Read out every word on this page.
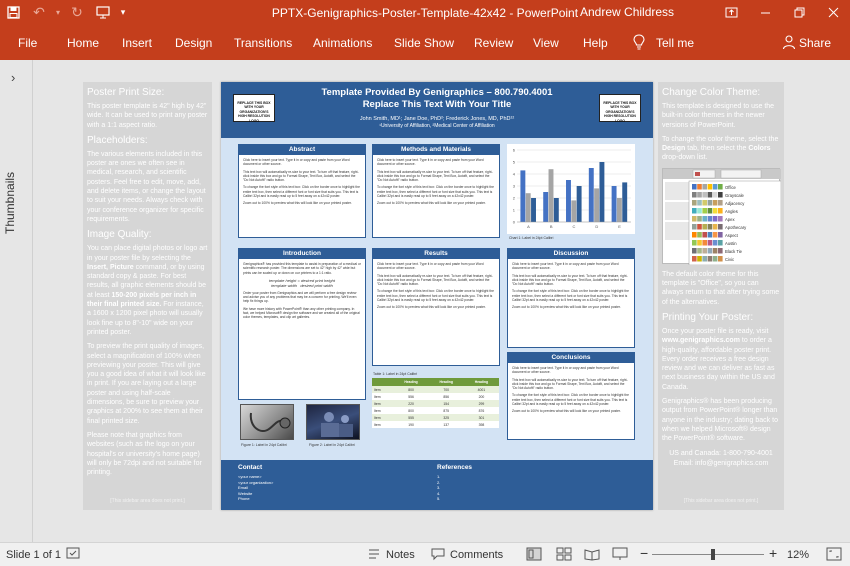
↶	▾ ↻	▾	PPTX-Genigraphics-Poster-Template-42x42 - PowerPoint Andrew Childress
File Home Insert Design Transitions Animations Slide Show Review View Help	Tell me	Share
›
Thumbnails
Poster Print Size:

This poster template is 42" high by 42" wide. It can be used to print any poster with a 1:1 aspect ratio.

Placeholders:

The various elements included in this poster are ones we often see in medical, research, and scientific posters. Feel free to edit, move, add, and delete items, or change the layout to suit your needs. Always check with your conference organizer for specific requirements.

Image Quality:

You can place digital photos or logo art in your poster file by selecting the Insert, Picture command, or by using standard copy & paste. For best results, all graphic elements should be at least 150-200 pixels per inch in their final printed size. For instance, a 1600 x 1200 pixel photo will usually look fine up to 8"-10" wide on your printed poster.

To preview the print quality of images, select a magnification of 100% when previewing your poster. This will give you a good idea of what it will look like in print. If you are laying out a large poster and using half-scale dimensions, be sure to preview your graphics at 200% to see them at their final printed size.

Please note that graphics from websites (such as the logo on your hospital's or university's home page) will only be 72dpi and not suitable for printing.

[This sidebar area does not print.]
Change Color Theme:

This template is designed to use the built-in color themes in the newer versions of PowerPoint.

To change the color theme, select the Design tab, then select the Colors drop-down list.

Office
Grayscale
Adjacency
Angles
Apex
Apothecary
Aspect
Austin
Black Tie
Civic

The default color theme for this template is "Office", so you can always return to that after trying some of the alternatives.

Printing Your Poster:

Once your poster file is ready, visit www.genigraphics.com to order a high-quality, affordable poster print. Every order receives a free design review and we can deliver as fast as next business day within the US and Canada.

Genigraphics® has been producing output from PowerPoint® longer than anyone in the industry; dating back to when we helped Microsoft® design the PowerPoint® software.

US and Canada: 1-800-790-4001

Email: info@genigraphics.com

[This sidebar area does not print.]
Template Provided By Genigraphics – 800.790.4001
Replace This Text With Your Title
John Smith, MD¹; Jane Doe, PhD²; Frederick Jones, MD, PhD¹²
¹University of Affiliation, ²Medical Center of Affiliation
REPLACE THIS BOX WITH YOUR ORGANIZATION'S HIGH RESOLUTION LOGO
REPLACE THIS BOX WITH YOUR ORGANIZATION'S HIGH RESOLUTION LOGO
Abstract

Click here to insert your text. Type it in or copy and paste from your Word document or other source.

This text box will automatically re-size to your text. To turn off that feature, right-click inside this box and go to Format Shape, Text Box, Autofit, and select the "Do Not Autofit" radio button.

To change the font style of this text box: Click on the border once to highlight the entire text box, then select a different font or font size that suits you. This text is Calibri 32pt and is easily read up to 5 feet away on a 42x42 poster.

Zoom out to 100% to preview what this will look like on your printed poster.

Introduction

Genigraphics® has provided this template to assist in preparation of a medical or scientific research poster. The dimensions are set to 42" high by 42" wide but prints can be scaled up or down on our printers to a 1:1 ratio.

template height = desired print height
template width desired print width

Order your poster from Genigraphics and we will perform a free design review and advise you of any problems that may be a concern for printing. We'll even help fix things up.

We have more history with PowerPoint® than any other printing company. In fact, we helped Microsoft® design the software and we created all of the original color themes, templates, and clip art galleries.

Figure 1: Label in 24pt Calibri	Figure 2: Label in 24pt Calibri
Methods and Materials

Click here to insert your text. Type it in or copy and paste from your Word document or other source.

This text box will automatically re-size to your text. To turn off that feature, right-click inside this box and go to Format Shape, Text Box, Autofit, and select the "Do Not Autofit" radio button.

To change the font style of this text box: Click on the border once to highlight the entire text box, then select a different font or font size that suits you. This text is Calibri 32pt and is easily read up to 5 feet away on a 42x42 poster.

Zoom out to 100% to preview what this will look like on your printed poster.

Results

Click here to insert your text. Type it in or copy and paste from your Word document or other source.

This text box will automatically re-size to your text. To turn off that feature, right-click inside this box and go to Format Shape, Text Box, Autofit, and select the "Do Not Autofit" radio button.

To change the font style of this text box: Click on the border once to highlight the entire text box, then select a different font or font size that suits you. This text is Calibri 32pt and is easily read up to 5 feet away on a 42x42 poster.

Zoom out to 100% to preview what this will look like on your printed poster.

Table 1: Label in 24pt Calibri
	Heading	Heading	Heading
Item	800	700	4001
Item	556	856	200
Item	220	154	299
Item	800	875	876
Item	555	325	301
Item	190	137	398
0
1
2
3
4
5
6
A	B	C	D	E
Chart 1: Label in 24pt Calibri
Discussion

Click here to insert your text. Type it in or copy and paste from your Word document or other source.

This text box will automatically re-size to your text. To turn off that feature, right-click inside this box and go to Format Shape, Text Box, Autofit, and select the "Do Not Autofit" radio button.

To change the font style of this text box: Click on the border once to highlight the entire text box, then select a different font or font size that suits you. This text is Calibri 32pt and is easily read up to 5 feet away on a 42x42 poster.

Zoom out to 100% to preview what this will look like on your printed poster.

Conclusions

Click here to insert your text. Type it in or copy and paste from your Word document or other source.

This text box will automatically re-size to your text. To turn off that feature, right-click inside this box and go to Format Shape, Text Box, Autofit, and select the "Do Not Autofit" radio button.

To change the font style of this text box: Click on the border once to highlight the entire text box, then select a different font or font size that suits you. This text is Calibri 32pt and is easily read up to 5 feet away on a 42x42 poster.

Zoom out to 100% to preview what this will look like on your printed poster.

Contact
<your name>
<your organization>
Email
Website
Phone
References
1.
2.
3.
4.
5.
Slide 1 of 1	Notes	Comments	−	+ 12%
